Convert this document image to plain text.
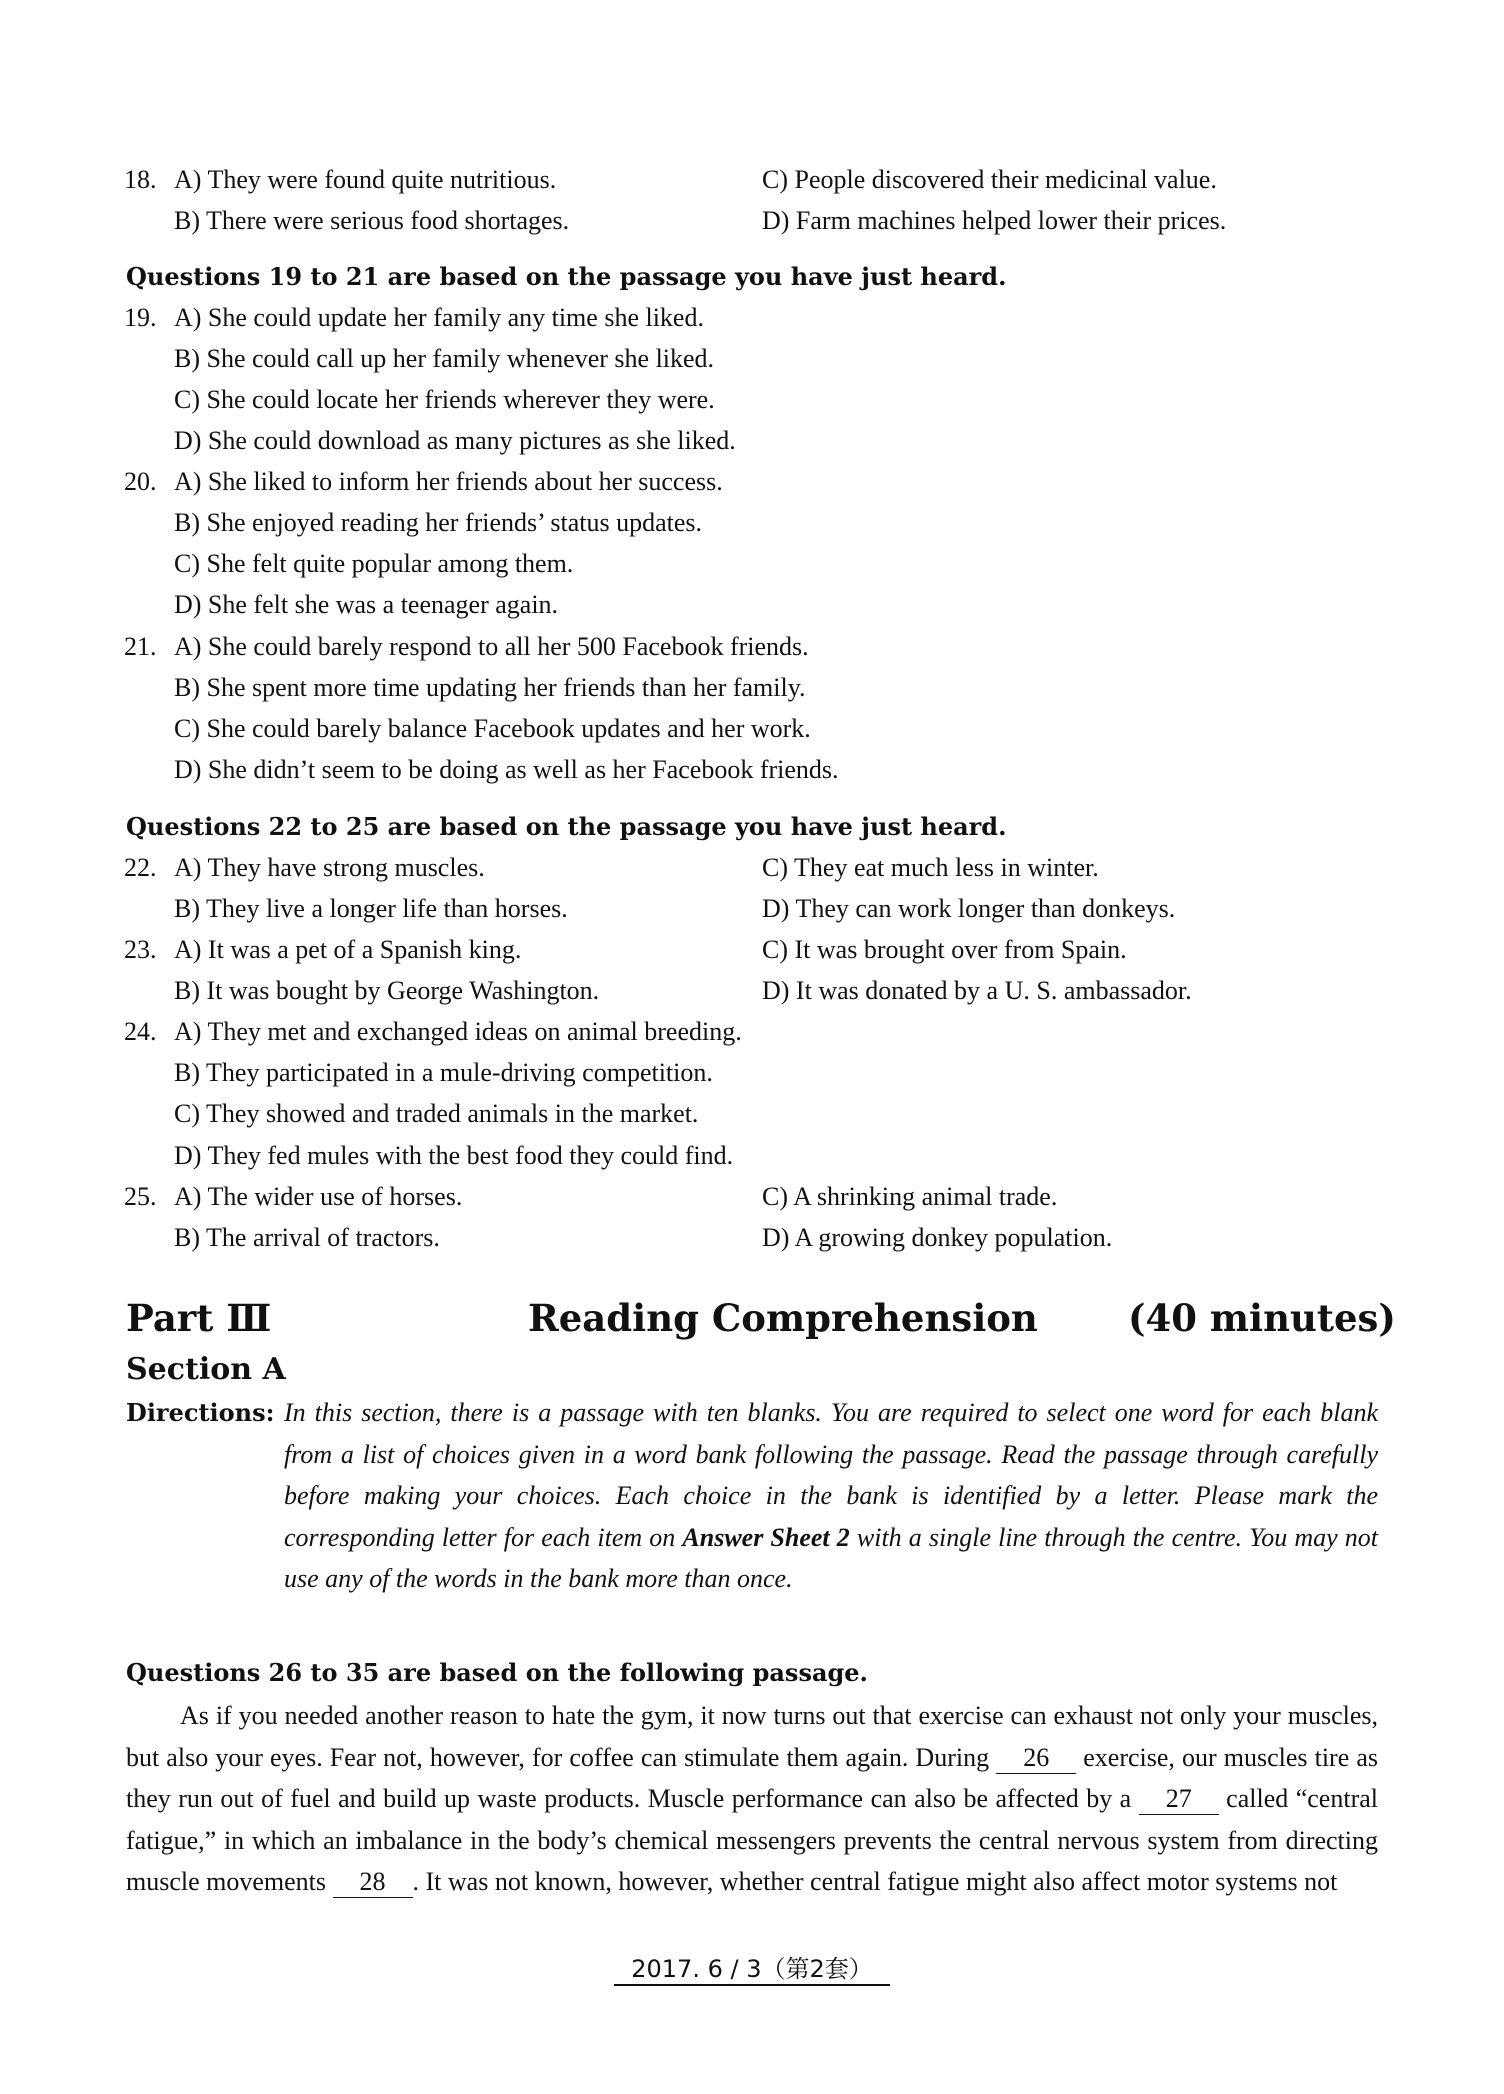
18. A) They were found quite nutritious.	C) People discovered their medicinal value.
B) There were serious food shortages.	D) Farm machines helped lower their prices.
Questions 19 to 21 are based on the passage you have just heard.
19. A) She could update her family any time she liked.
B) She could call up her family whenever she liked.
C) She could locate her friends wherever they were.
D) She could download as many pictures as she liked.
20. A) She liked to inform her friends about her success.
B) She enjoyed reading her friends’ status updates.
C) She felt quite popular among them.
D) She felt she was a teenager again.
21. A) She could barely respond to all her 500 Facebook friends.
B) She spent more time updating her friends than her family.
C) She could barely balance Facebook updates and her work.
D) She didn’t seem to be doing as well as her Facebook friends.
Questions 22 to 25 are based on the passage you have just heard.
22. A) They have strong muscles.	C) They eat much less in winter.
B) They live a longer life than horses.	D) They can work longer than donkeys.
23. A) It was a pet of a Spanish king.	C) It was brought over from Spain.
B) It was bought by George Washington.	D) It was donated by a U. S. ambassador.
24. A) They met and exchanged ideas on animal breeding.
B) They participated in a mule-driving competition.
C) They showed and traded animals in the market.
D) They fed mules with the best food they could find.
25. A) The wider use of horses.	C) A shrinking animal trade.
B) The arrival of tractors.	D) A growing donkey population.
Part Ⅲ	Reading Comprehension (40 minutes)
Section A
Directions: In this section, there is a passage with ten blanks. You are required to select one word for each blank from a list of choices given in a word bank following the passage. Read the passage through carefully before making your choices. Each choice in the bank is identified by a letter. Please mark the corresponding letter for each item on Answer Sheet 2 with a single line through the centre. You may not use any of the words in the bank more than once.
Questions 26 to 35 are based on the following passage.

As if you needed another reason to hate the gym, it now turns out that exercise can exhaust not only your muscles, but also your eyes. Fear not, however, for coffee can stimulate them again. During 26 exercise, our muscles tire as they run out of fuel and build up waste products. Muscle performance can also be affected by a 27 called “central fatigue,” in which an imbalance in the body’s chemical messengers prevents the central nervous system from directing muscle movements 28 . It was not known, however, whether central fatigue might also affect motor systems not

2017. 6 / 3（第2套）
